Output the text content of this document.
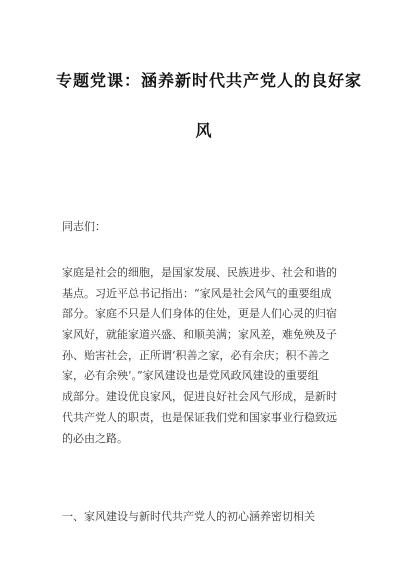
专题党课：涵养新时代共产党人的良好家
风
同志们：
家庭是社会的细胞，是国家发展、民族进步、社会和谐的
基点。习近平总书记指出：“家风是社会风气的重要组成
部分。家庭不只是人们身体的住处，更是人们心灵的归宿
家风好，就能家道兴盛、和顺美满；家风差，难免殃及子
孙、贻害社会，正所谓‘积善之家，必有余庆；积不善之
家，必有余殃’。”家风建设也是党风政风建设的重要组
成部分。建设优良家风，促进良好社会风气形成，是新时
代共产党人的职责，也是保证我们党和国家事业行稳致远
的必由之路。
一、家风建设与新时代共产党人的初心涵养密切相关
